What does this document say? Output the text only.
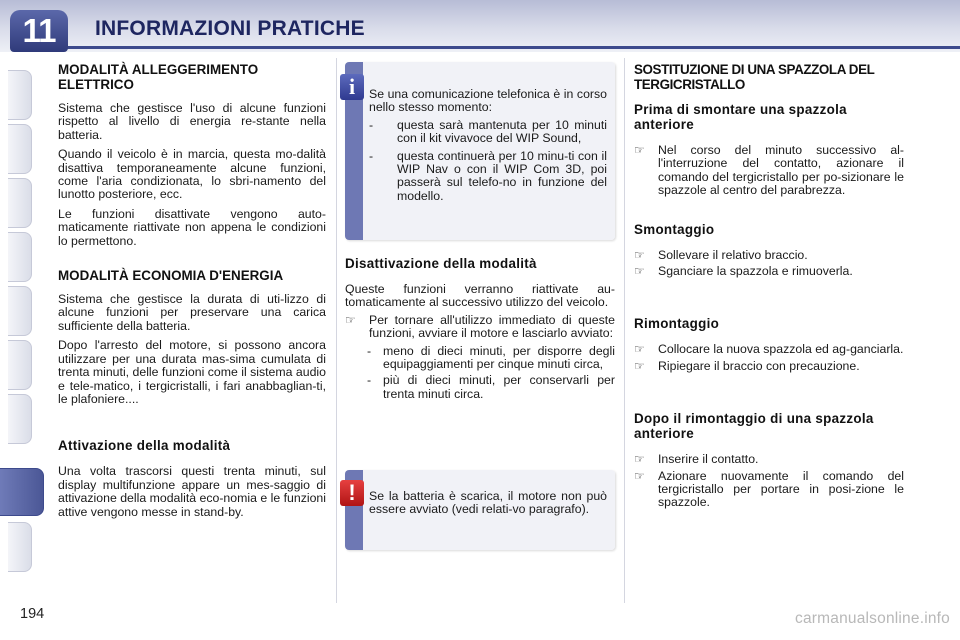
11	INFORMAZIONI PRATICHE
MODALITÀ ALLEGGERIMENTO ELETTRICO

Sistema che gestisce l'uso di alcune funzioni rispetto al livello di energia re-stante nella batteria.

Quando il veicolo è in marcia, questa mo-dalità disattiva temporaneamente alcune funzioni, come l'aria condizionata, lo sbri-namento del lunotto posteriore, ecc.

Le funzioni disattivate vengono auto-maticamente riattivate non appena le condizioni lo permettono.

MODALITÀ ECONOMIA D'ENERGIA

Sistema che gestisce la durata di uti-lizzo di alcune funzioni per preservare una carica sufficiente della batteria.

Dopo l'arresto del motore, si possono ancora utilizzare per una durata mas-sima cumulata di trenta minuti, delle funzioni come il sistema audio e tele-matico, i tergicristalli, i fari anabbaglian-ti, le plafoniere....

Attivazione della modalità

Una volta trascorsi questi trenta minuti, sul display multifunzione appare un mes-saggio di attivazione della modalità eco-nomia e le funzioni attive vengono messe in stand-by.

Se una comunicazione telefonica è in corso nello stesso momento:

- questa sarà mantenuta per 10 minuti con il kit vivavoce del WIP Sound,
- questa continuerà per 10 minu-ti con il WIP Nav o con il WIP Com 3D, poi passerà sul telefo-no in funzione del modello.
i
Disattivazione della modalità

Queste funzioni verranno riattivate au-tomaticamente al successivo utilizzo del veicolo.

☞ Per tornare all'utilizzo immediato di queste funzioni, avviare il motore e lasciarlo avviato:
- meno di dieci minuti, per disporre degli equipaggiamenti per cinque minuti circa,
- più di dieci minuti, per conservarli per trenta minuti circa.

Se la batteria è scarica, il motore non può essere avviato (vedi relati-vo paragrafo).

!
SOSTITUZIONE DI UNA SPAZZOLA DEL TERGICRISTALLO
Prima di smontare una spazzola anteriore
☞ Nel corso del minuto successivo al-l'interruzione del contatto, azionare il comando del tergicristallo per po-sizionare le spazzole al centro del parabrezza.
Smontaggio
☞ Sollevare il relativo braccio.
☞ Sganciare la spazzola e rimuoverla.
Rimontaggio
☞ Collocare la nuova spazzola ed ag-ganciarla.
☞ Ripiegare il braccio con precauzione.
Dopo il rimontaggio di una spazzola anteriore
☞ Inserire il contatto.
☞ Azionare nuovamente il comando del tergicristallo per portare in posi-zione le spazzole.
194	carmanualsonline.info
